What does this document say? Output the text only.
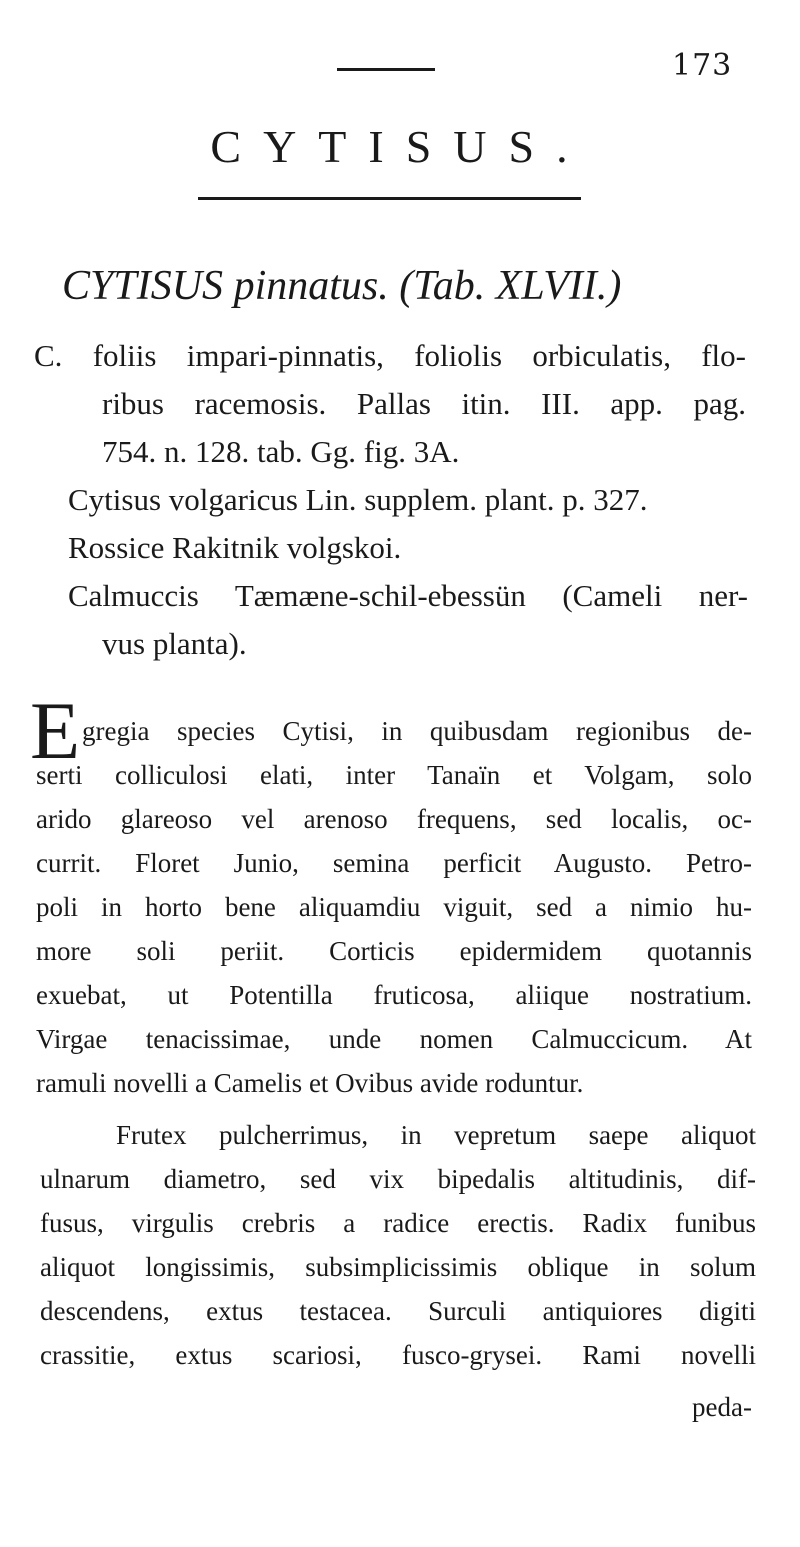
173
CYTISUS.
CYTISUS pinnatus. (Tab. XLVII.)
C. foliis impari-pinnatis, foliolis orbiculatis, flo-
ribus racemosis. Pallas itin. III. app. pag.
754. n. 128. tab. Gg. fig. 3A.
Cytisus volgaricus Lin. supplem. plant. p. 327.
Rossice Rakitnik volgskoi.
Calmuccis Tæmæne-schil-ebessün (Cameli ner-
vus planta).
E gregia species Cytisi, in quibusdam regionibus de-
serti colliculosi elati, inter Tanaïn et Volgam, solo
arido glareoso vel arenoso frequens, sed localis, oc-
currit. Floret Junio, semina perficit Augusto. Petro-
poli in horto bene aliquamdiu viguit, sed a nimio hu-
more soli periit. Corticis epidermidem quotannis
exuebat, ut Potentilla fruticosa, aliique nostratium.
Virgae tenacissimae, unde nomen Calmuccicum. At
ramuli novelli a Camelis et Ovibus avide roduntur.
Frutex pulcherrimus, in vepretum saepe aliquot
ulnarum diametro, sed vix bipedalis altitudinis, dif-
fusus, virgulis crebris a radice erectis. Radix funibus
aliquot longissimis, subsimplicissimis oblique in solum
descendens, extus testacea. Surculi antiquiores digiti
crassitie, extus scariosi, fusco-grysei. Rami novelli
peda-
